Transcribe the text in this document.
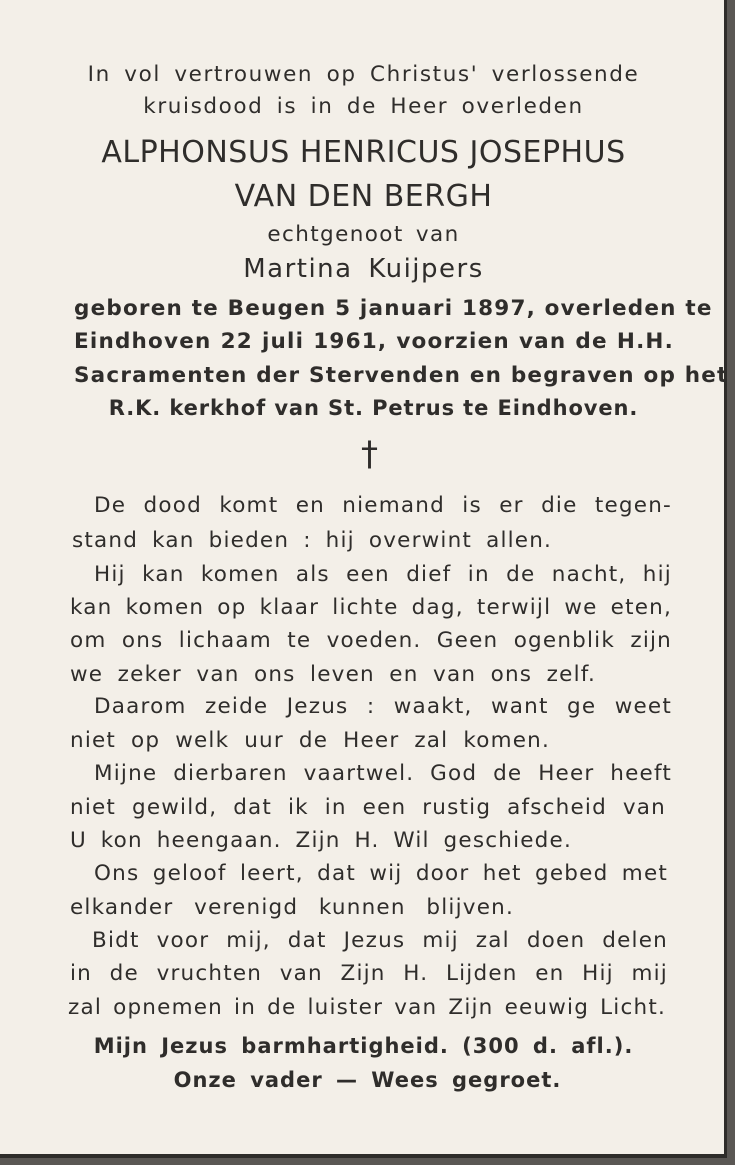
In vol vertrouwen op Christus' verlossende

kruisdood is in de Heer overleden

ALPHONSUS HENRICUS JOSEPHUS
VAN DEN BERGH

echtgenoot van

Martina Kuijpers

geboren te Beugen 5 januari 1897, overleden te

Eindhoven 22 juli 1961, voorzien van de H.H.

Sacramenten der Stervenden en begraven op het

R.K. kerkhof van St. Petrus te Eindhoven.

†

De dood komt en niemand is er die tegen-

stand kan bieden : hij overwint allen.

Hij kan komen als een dief in de nacht, hij

kan komen op klaar lichte dag, terwijl we eten,

om ons lichaam te voeden. Geen ogenblik zijn

we zeker van ons leven en van ons zelf.

Daarom zeide Jezus : waakt, want ge weet

niet op welk uur de Heer zal komen.

Mijne dierbaren vaartwel. God de Heer heeft

niet gewild, dat ik in een rustig afscheid van

U kon heengaan. Zijn H. Wil geschiede.

Ons geloof leert, dat wij door het gebed met

elkander verenigd kunnen blijven.

Bidt voor mij, dat Jezus mij zal doen delen

in de vruchten van Zijn H. Lijden en Hij mij

zal opnemen in de luister van Zijn eeuwig Licht.

Mijn Jezus barmhartigheid. (300 d. afl.).

Onze vader — Wees gegroet.
